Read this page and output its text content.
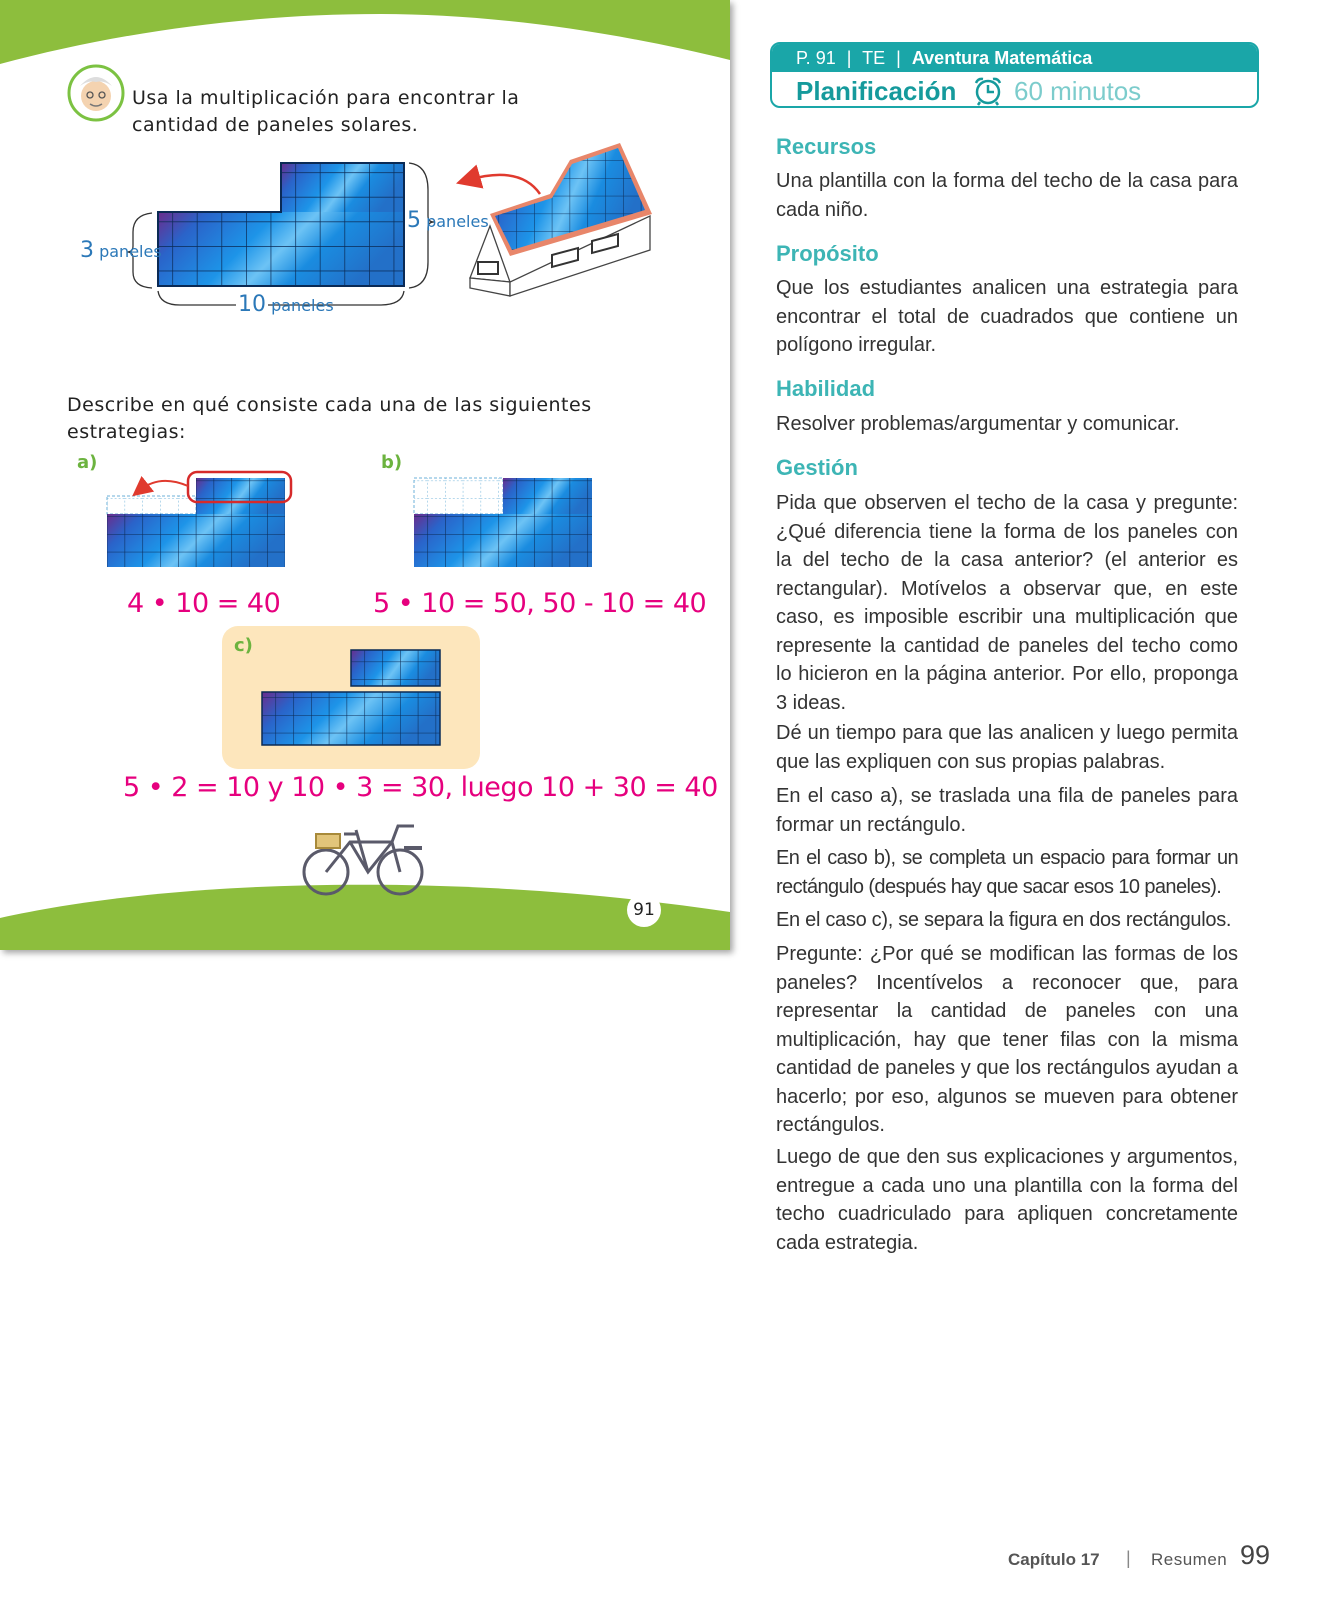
Usa la multiplicación para encontrar la cantidad de paneles solares.
3 paneles
5 paneles
10 paneles
Describe en qué consiste cada una de las siguientes estrategias:
a)	b)
4 • 10 = 40	5 • 10 = 50, 50 - 10 = 40
c)
5 • 2 = 10 y 10 • 3 = 30, luego 10 + 30 = 40
91
P. 91 | TE | Aventura Matemática
Planificación 60 minutos
Recursos
Una plantilla con la forma del techo de la casa para cada niño.
Propósito
Que los estudiantes analicen una estrategia para encontrar el total de cuadrados que contiene un polígono irregular.
Habilidad
Resolver problemas/argumentar y comunicar.
Gestión
Pida que observen el techo de la casa y pregunte: ¿Qué diferencia tiene la forma de los paneles con la del techo de la casa anterior? (el anterior es rectangular). Motívelos a observar que, en este caso, es imposible escribir una multiplicación que represente la cantidad de paneles del techo como lo hicieron en la página anterior. Por ello, proponga 3 ideas.
Dé un tiempo para que las analicen y luego permita que las expliquen con sus propias palabras.
En el caso a), se traslada una fila de paneles para formar un rectángulo.
En el caso b), se completa un espacio para formar un rectángulo (después hay que sacar esos 10 paneles).
En el caso c), se separa la figura en dos rectángulos.
Pregunte: ¿Por qué se modifican las formas de los paneles? Incentívelos a reconocer que, para representar la cantidad de paneles con una multiplicación, hay que tener filas con la misma cantidad de paneles y que los rectángulos ayudan a hacerlo; por eso, algunos se mueven para obtener rectángulos.
Luego de que den sus explicaciones y argumentos, entregue a cada uno una plantilla con la forma del techo cuadriculado para apliquen concretamente cada estrategia.
Capítulo 17 | Resumen 99
